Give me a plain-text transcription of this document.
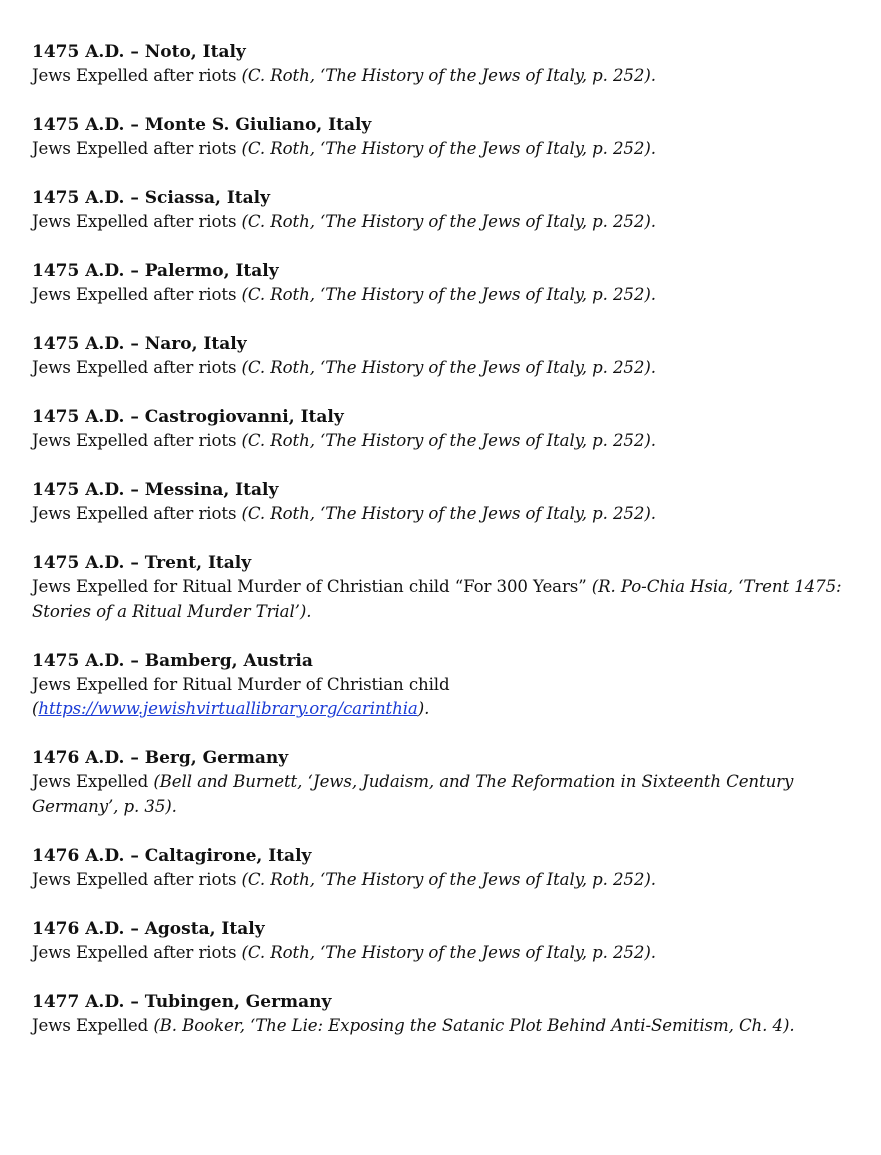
1475 A.D. – Noto, Italy
Jews Expelled after riots (C. Roth, ‘The History of the Jews of Italy, p. 252).
1475 A.D. – Monte S. Giuliano, Italy
Jews Expelled after riots (C. Roth, ‘The History of the Jews of Italy, p. 252).
1475 A.D. – Sciassa, Italy
Jews Expelled after riots (C. Roth, ‘The History of the Jews of Italy, p. 252).
1475 A.D. – Palermo, Italy
Jews Expelled after riots (C. Roth, ‘The History of the Jews of Italy, p. 252).
1475 A.D. – Naro, Italy
Jews Expelled after riots (C. Roth, ‘The History of the Jews of Italy, p. 252).
1475 A.D. – Castrogiovanni, Italy
Jews Expelled after riots (C. Roth, ‘The History of the Jews of Italy, p. 252).
1475 A.D. – Messina, Italy
Jews Expelled after riots (C. Roth, ‘The History of the Jews of Italy, p. 252).
1475 A.D. – Trent, Italy
Jews Expelled for Ritual Murder of Christian child “For 300 Years” (R. Po-Chia Hsia, ‘Trent 1475: Stories of a Ritual Murder Trial’).
1475 A.D. – Bamberg, Austria
Jews Expelled for Ritual Murder of Christian child
(https://www.jewishvirtuallibrary.org/carinthia).
1476 A.D. – Berg, Germany
Jews Expelled (Bell and Burnett, ‘Jews, Judaism, and The Reformation in Sixteenth Century Germany’, p. 35).
1476 A.D. – Caltagirone, Italy
Jews Expelled after riots (C. Roth, ‘The History of the Jews of Italy, p. 252).
1476 A.D. – Agosta, Italy
Jews Expelled after riots (C. Roth, ‘The History of the Jews of Italy, p. 252).
1477 A.D. – Tubingen, Germany
Jews Expelled (B. Booker, ‘The Lie: Exposing the Satanic Plot Behind Anti-Semitism, Ch. 4).
